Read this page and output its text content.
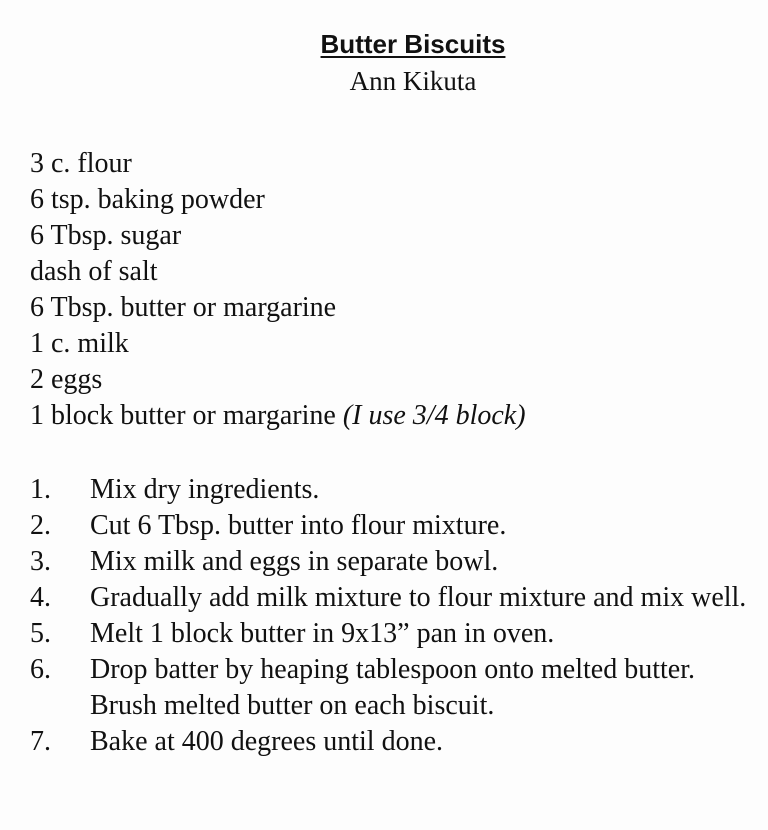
Butter Biscuits
Ann Kikuta
3 c. flour
6 tsp. baking powder
6 Tbsp. sugar
dash of salt
6 Tbsp. butter or margarine
1 c. milk
2 eggs
1 block butter or margarine (I use 3/4 block)
1.	Mix dry ingredients.
2.	Cut 6 Tbsp. butter into flour mixture.
3.	Mix milk and eggs in separate bowl.
4.	Gradually add milk mixture to flour mixture and mix well.
5.	Melt 1 block butter in 9x13” pan in oven.
6.	Drop batter by heaping tablespoon onto melted butter. Brush melted butter on each biscuit.
7.	Bake at 400 degrees until done.
